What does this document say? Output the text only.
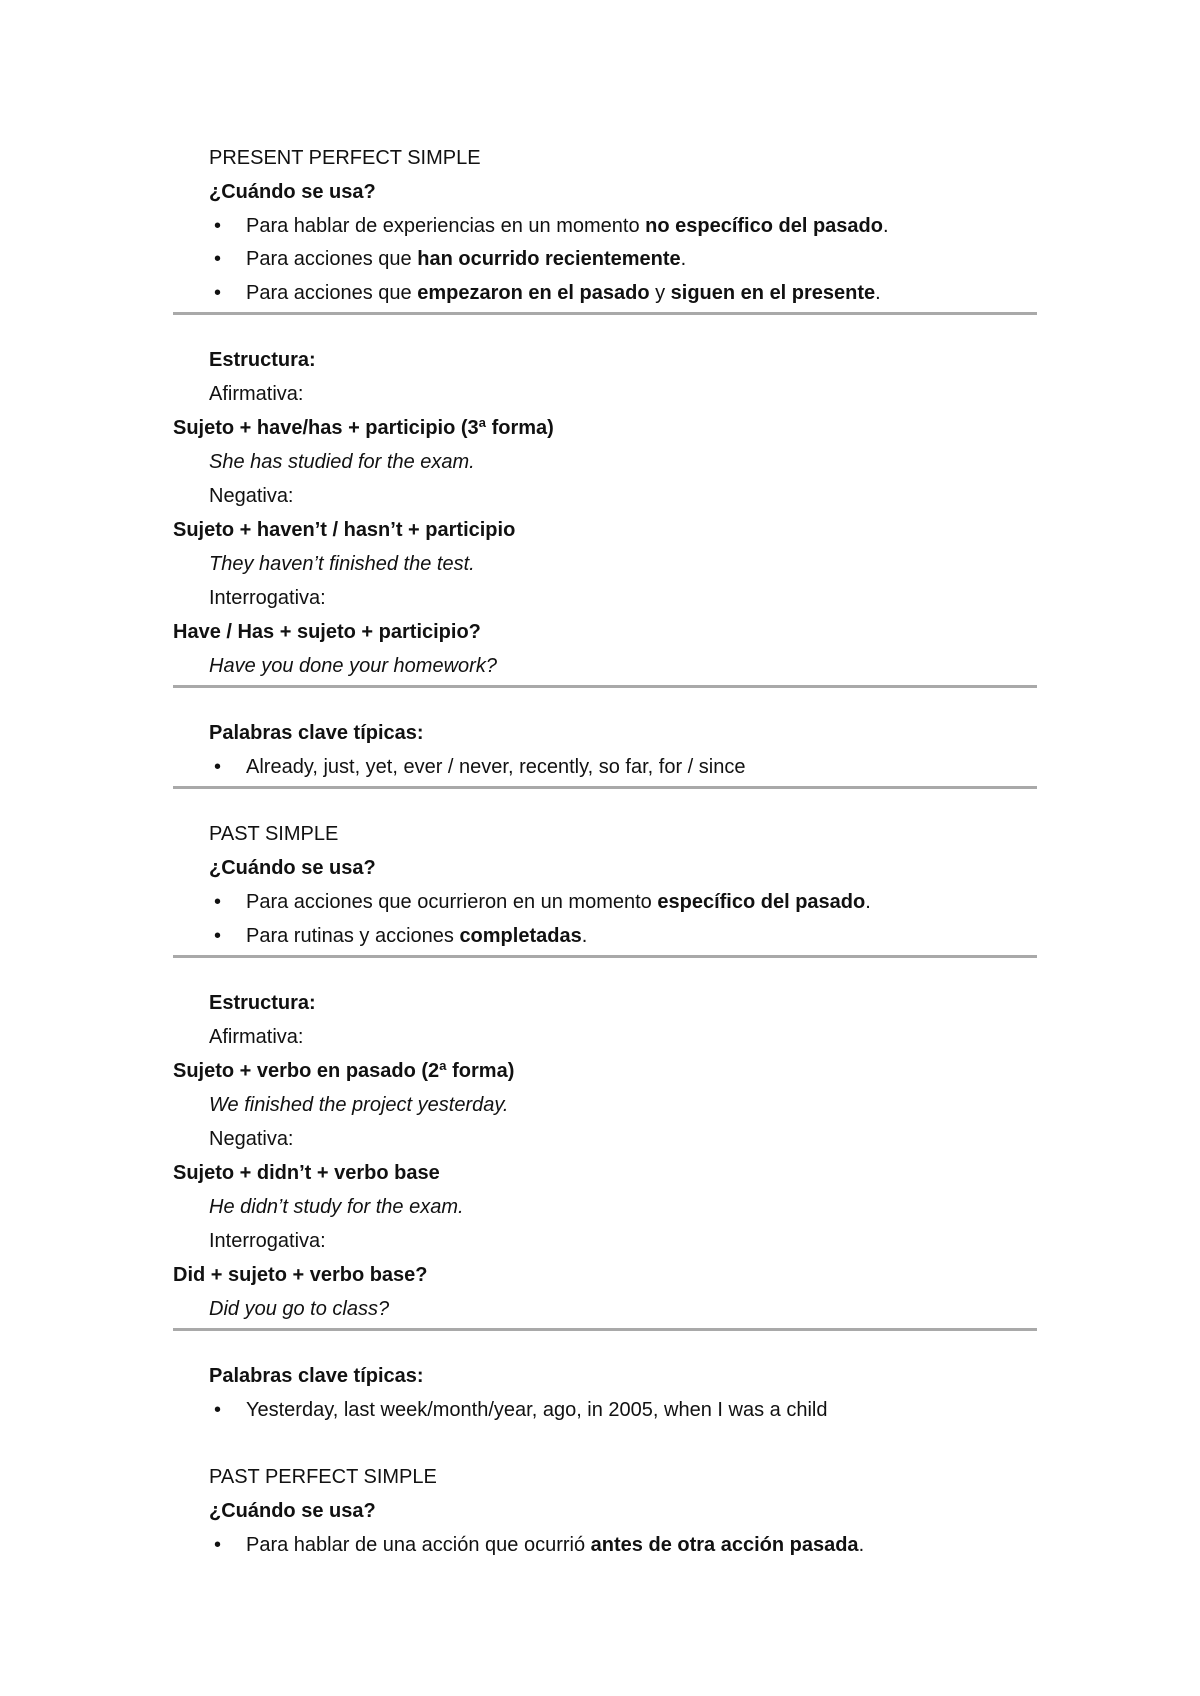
PRESENT PERFECT SIMPLE
¿Cuándo se usa?
• Para hablar de experiencias en un momento no específico del pasado.
• Para acciones que han ocurrido recientemente.
• Para acciones que empezaron en el pasado y siguen en el presente.
Estructura:
Afirmativa:
Sujeto + have/has + participio (3ª forma)
She has studied for the exam.
Negativa:
Sujeto + haven’t / hasn’t + participio
They haven’t finished the test.
Interrogativa:
Have / Has + sujeto + participio?
Have you done your homework?
Palabras clave típicas:
• Already, just, yet, ever / never, recently, so far, for / since
PAST SIMPLE
¿Cuándo se usa?
• Para acciones que ocurrieron en un momento específico del pasado.
• Para rutinas y acciones completadas.
Estructura:
Afirmativa:
Sujeto + verbo en pasado (2ª forma)
We finished the project yesterday.
Negativa:
Sujeto + didn’t + verbo base
He didn’t study for the exam.
Interrogativa:
Did + sujeto + verbo base?
Did you go to class?
Palabras clave típicas:
• Yesterday, last week/month/year, ago, in 2005, when I was a child
PAST PERFECT SIMPLE
¿Cuándo se usa?
• Para hablar de una acción que ocurrió antes de otra acción pasada.
